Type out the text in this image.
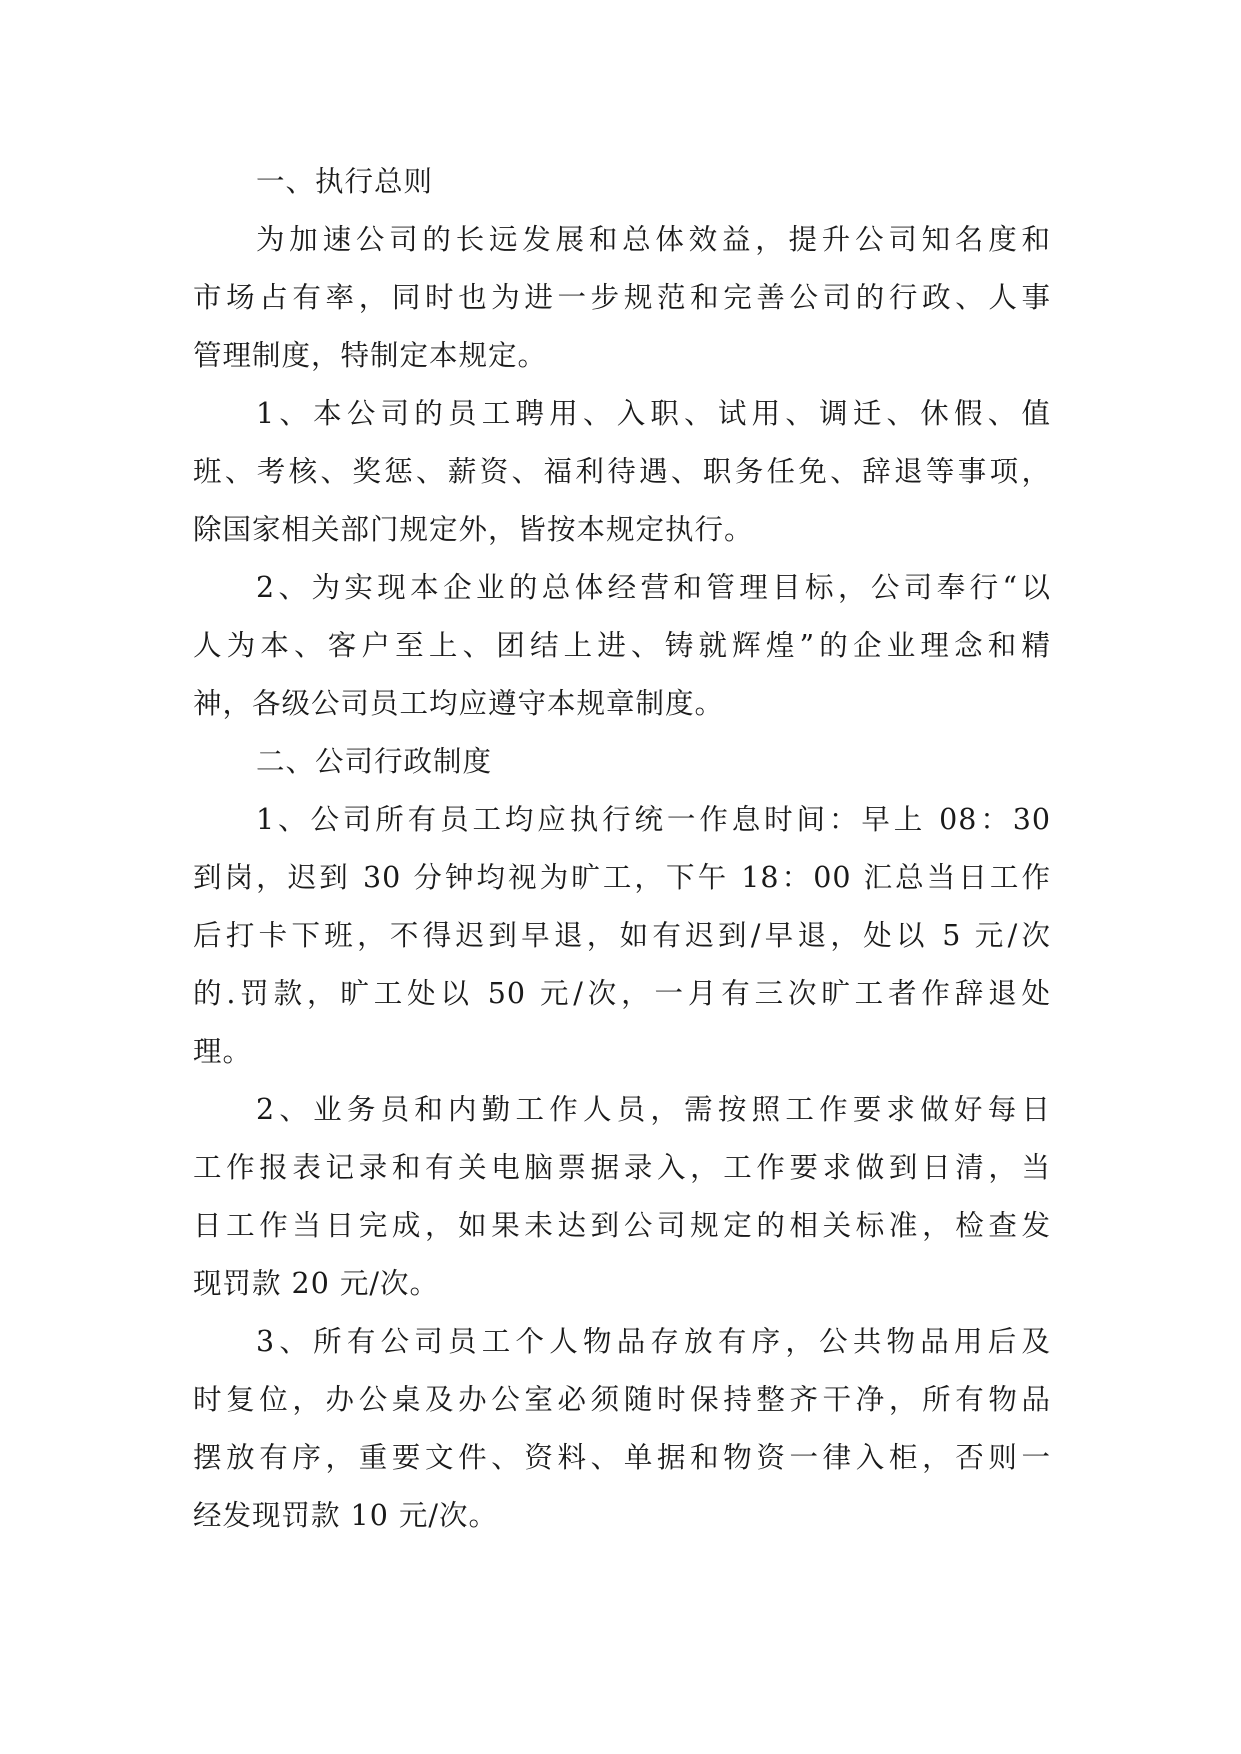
一、执行总则

为加速公司的长远发展和总体效益，提升公司知名度和
市场占有率，同时也为进一步规范和完善公司的行政、人事
管理制度，特制定本规定。

1、本公司的员工聘用、入职、试用、调迁、休假、值
班、考核、奖惩、薪资、福利待遇、职务任免、辞退等事项，
除国家相关部门规定外，皆按本规定执行。

2、为实现本企业的总体经营和管理目标，公司奉行“以
人为本、客户至上、团结上进、铸就辉煌”的企业理念和精
神，各级公司员工均应遵守本规章制度。

二、公司行政制度

1、公司所有员工均应执行统一作息时间：早上 08：30
到岗，迟到 30 分钟均视为旷工，下午 18：00 汇总当日工作
后打卡下班，不得迟到早退，如有迟到/早退，处以 5 元/次
的.罚款，旷工处以 50 元/次，一月有三次旷工者作辞退处
理。

2、业务员和内勤工作人员，需按照工作要求做好每日
工作报表记录和有关电脑票据录入，工作要求做到日清，当
日工作当日完成，如果未达到公司规定的相关标准，检查发
现罚款 20 元/次。

3、所有公司员工个人物品存放有序，公共物品用后及
时复位，办公桌及办公室必须随时保持整齐干净，所有物品
摆放有序，重要文件、资料、单据和物资一律入柜，否则一
经发现罚款 10 元/次。
